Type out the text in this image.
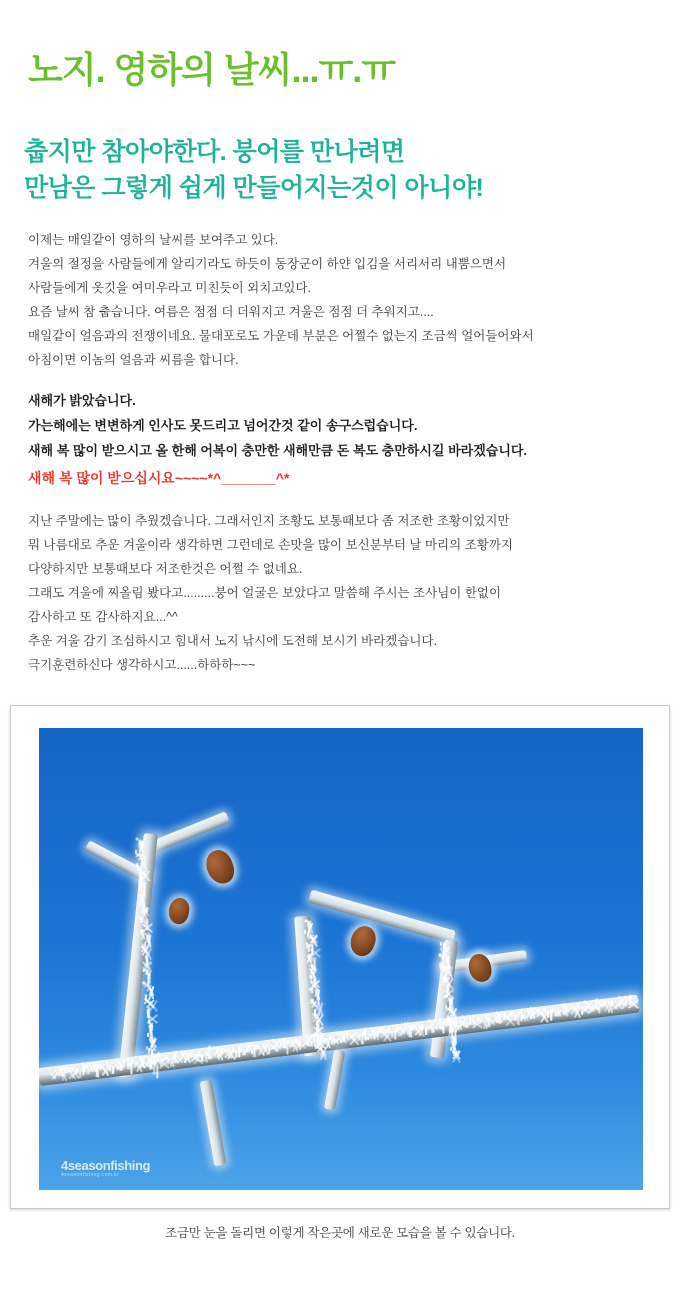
노지. 영하의 날씨...ㅠ.ㅠ
춥지만 참아야한다. 붕어를 만나려면
만남은 그렇게 쉽게 만들어지는것이 아니야!
이제는 매일같이 영하의 날씨를 보여주고 있다.
겨울의 절정을 사람들에게 알리기라도 하듯이 동장군이 하얀 입김을 서리서리 내뿜으면서
사람들에게 옷깃을 여미우라고 미친듯이 외치고있다.
요즘 날씨 참 춥습니다. 여름은 점점 더 더워지고 겨울은 점점 더 추워지고....
매일같이 얼음과의 전쟁이네요. 물대포로도 가운데 부분은 어쩔수 없는지 조금씩 얼어들어와서
아침이면 이놈의 얼음과 씨름을 합니다.
새해가 밝았습니다.
가는해에는 변변하게 인사도 못드리고 넘어간것 같이 송구스럽습니다.
새해 복 많이 받으시고 올 한해 어복이 충만한 새해만큼 돈 복도 충만하시길 바라겠습니다.
새해 복 많이 받으십시요~~~~*^_______^*
지난 주말에는 많이 추웠겠습니다. 그래서인지 조황도 보통때보다 좀 저조한 조황이었지만
뭐 나름대로 추운 겨울이라 생각하면 그런데로 손맛을 많이 보신분부터 날 마리의 조황까지
다양하지만 보통때보다 저조한것은 어쩔 수 없네요.
그래도 겨울에 찌올림 봤다고.........붕어 얼굴은 보았다고 말씀해 주시는 조사님이 한없이
감사하고 또 감사하지요...^^
추운 겨울 감기 조심하시고 힘내서 노지 낚시에 도전해 보시기 바라겠습니다.
극기훈련하신다 생각하시고......하하하~~~
4seasonfishing
4seasonfishing.com.kr
조금만 눈을 돌리면 이렇게 작은곳에 새로운 모습을 볼 수 있습니다.
